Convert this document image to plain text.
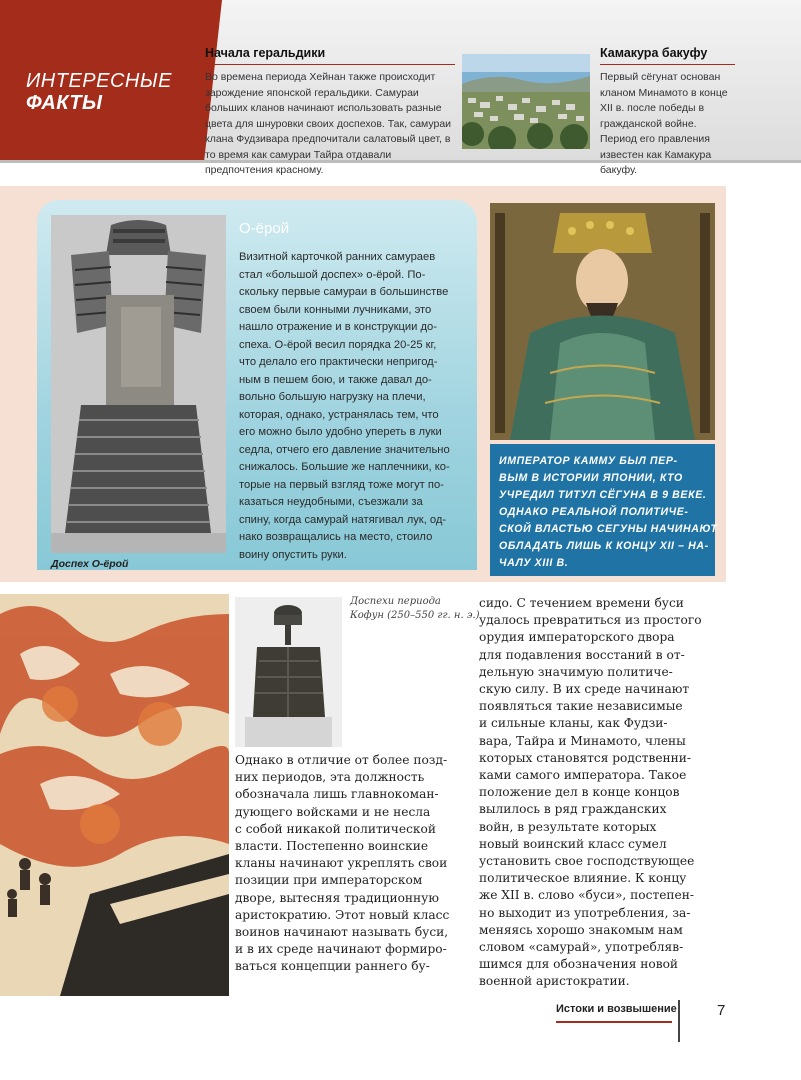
ИНТЕРЕСНЫЕ
ФАКТЫ
Начала геральдики
Во времена периода Хейнан также происходит зарождение японской геральдики. Самураи больших кланов начинают использовать разные цвета для шнуровки своих доспехов. Так, самураи клана Фудзивара предпочитали салатовый цвет, в то время как самураи Тайра отдавали предпочтения красному.
Камакура бакуфу
Первый сёгунат основан кланом Минамото в конце XII в. после победы в гражданской войне. Период его правления известен как Камакура бакуфу.
Доспех О-ёрой
О-ёрой
Визитной карточкой ранних самураев
стал «большой доспех» о-ёрой. По-
скольку первые самураи в большинстве
своем были конными лучниками, это
нашло отражение и в конструкции до-
спеха. О-ёрой весил порядка 20-25 кг,
что делало его практически непригод-
ным в пешем бою, и также давал до-
вольно большую нагрузку на плечи,
которая, однако, устранялась тем, что
его можно было удобно упереть в луки
седла, отчего его давление значительно
снижалось. Большие же наплечники, ко-
торые на первый взгляд тоже могут по-
казаться неудобными, съезжали за
спину, когда самурай натягивал лук, од-
нако возвращались на место, стоило
воину опустить руки.
ИМПЕРАТОР КАММУ БЫЛ ПЕР-
ВЫМ В ИСТОРИИ ЯПОНИИ, КТО
УЧРЕДИЛ ТИТУЛ СЁГУНА В 9 ВЕКЕ.
ОДНАКО РЕАЛЬНОЙ ПОЛИТИЧЕ-
СКОЙ ВЛАСТЬЮ СЕГУНЫ НАЧИНАЮТ
ОБЛАДАТЬ ЛИШЬ К КОНЦУ XII – НА-
ЧАЛУ XIII В.
Доспехи периода
Кофун (250–550 гг. н. э.)
Однако в отличие от более позд-
них периодов, эта должность
обозначала лишь главнокоман-
дующего войсками и не несла
с собой никакой политической
власти. Постепенно воинские
кланы начинают укреплять свои
позиции при императорском
дворе, вытесняя традиционную
аристократию. Этот новый класс
воинов начинают называть буси,
и в их среде начинают формиро-
ваться концепции раннего бу-
сидо. С течением времени буси
удалось превратиться из простого
орудия императорского двора
для подавления восстаний в от-
дельную значимую политиче-
скую силу. В их среде начинают
появляться такие независимые
и сильные кланы, как Фудзи-
вара, Тайра и Минамото, члены
которых становятся родственни-
ками самого императора. Такое
положение дел в конце концов
вылилось в ряд гражданских
войн, в результате которых
новый воинский класс сумел
установить свое господствующее
политическое влияние. К концу
же XII в. слово «буси», постепен-
но выходит из употребления, за-
меняясь хорошо знакомым нам
словом «самурай», употребляв-
шимся для обозначения новой
военной аристократии.
Истоки и возвышение	7
